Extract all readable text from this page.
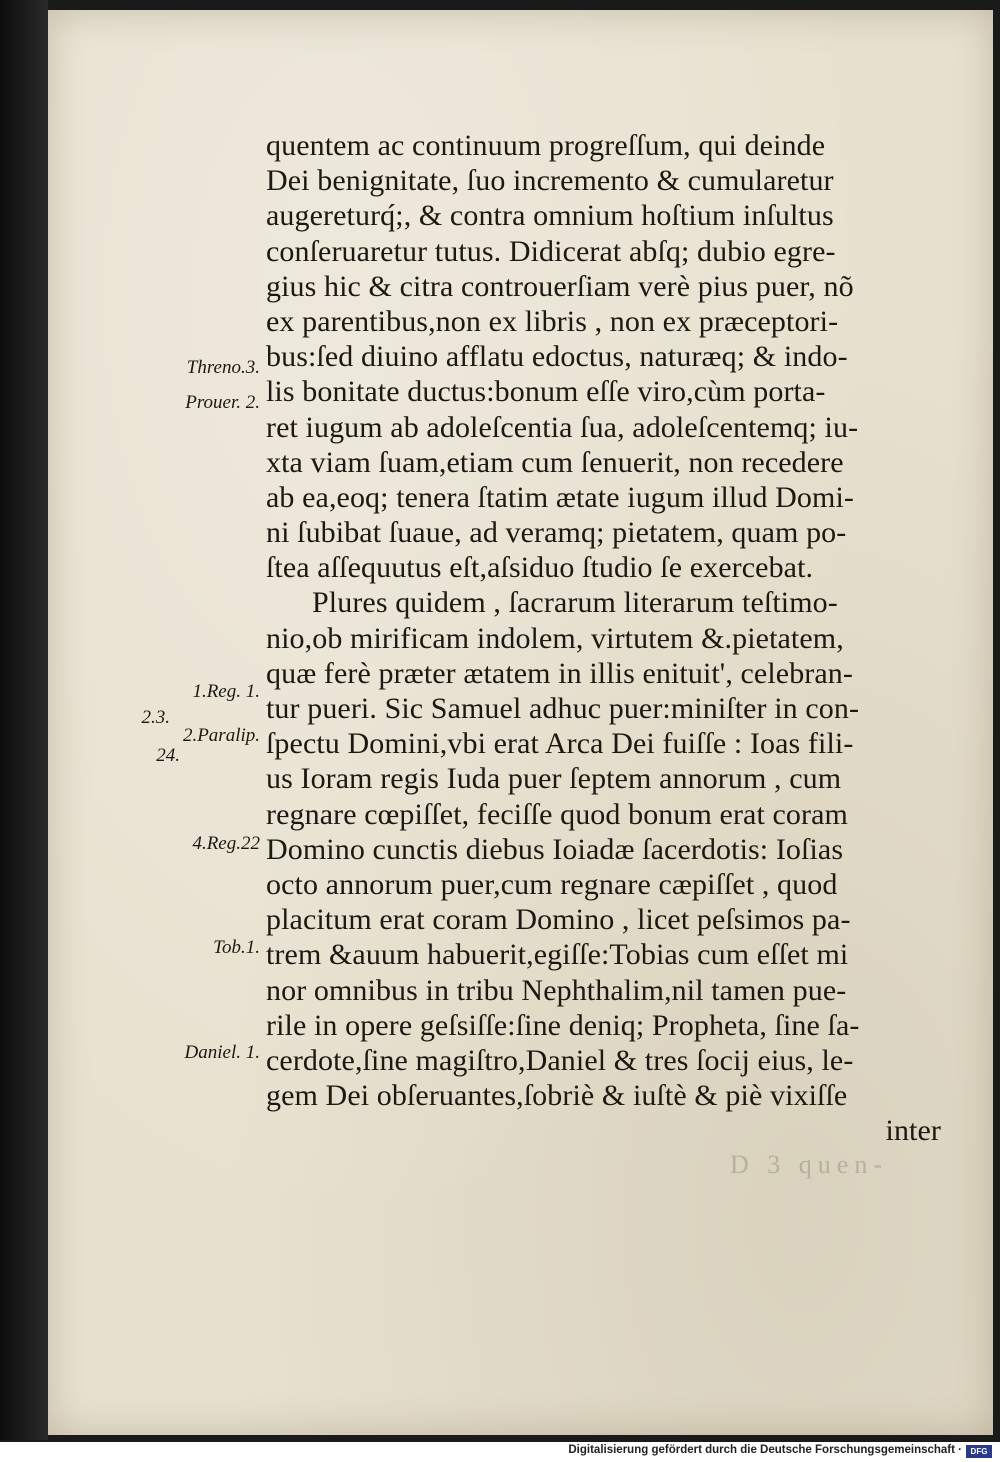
D 3 quen-
quentem ac continuum progreſſum, qui deinde
Dei benignitate, ſuo incremento & cumularetur
augereturq́;, & contra omnium hoſtium inſultus
conſeruaretur tutus. Didicerat abſq; dubio egre-
gius hic & citra controuerſiam verè pius puer, nõ
ex parentibus,non ex libris , non ex præceptori-
bus:ſed diuino afflatu edoctus, naturæq; & indo-
lis bonitate ductus:bonum eſſe viro,cùm porta-
ret iugum ab adoleſcentia ſua, adoleſcentemq; iu-
xta viam ſuam,etiam cum ſenuerit, non recedere
ab ea,eoq; tenera ſtatim ætate iugum illud Domi-
ni ſubibat ſuaue, ad veramq; pietatem, quam po-
ſtea aſſequutus eſt,aſsiduo ſtudio ſe exercebat.
Plures quidem , ſacrarum literarum teſtimo-
nio,ob mirificam indolem, virtutem &.pietatem,
quæ ferè præter ætatem in illis enituit', celebran-
tur pueri. Sic Samuel adhuc puer:miniſter in con-
ſpectu Domini,vbi erat Arca Dei fuiſſe : Ioas fili-
us Ioram regis Iuda puer ſeptem annorum , cum
regnare cœpiſſet, feciſſe quod bonum erat coram
Domino cunctis diebus Ioiadæ ſacerdotis: Ioſias
octo annorum puer,cum regnare cæpiſſet , quod
placitum erat coram Domino , licet peſsimos pa-
trem &auum habuerit,egiſſe:Tobias cum eſſet mi
nor omnibus in tribu Nephthalim,nil tamen pue-
rile in opere geſsiſſe:ſine deniq; Propheta, ſine ſa-
cerdote,ſine magiſtro,Daniel & tres ſocij eius, le-
gem Dei obſeruantes,ſobriè & iuſtè & piè vixiſſe
inter
Threno.3.
Prouer. 2.
1.Reg. 1.
2.3.
2.Paralip.
24.
4.Reg.22
Tob.1.
Daniel. 1.
Digitalisierung gefördert durch die Deutsche Forschungsgemeinschaft ·	DFG
